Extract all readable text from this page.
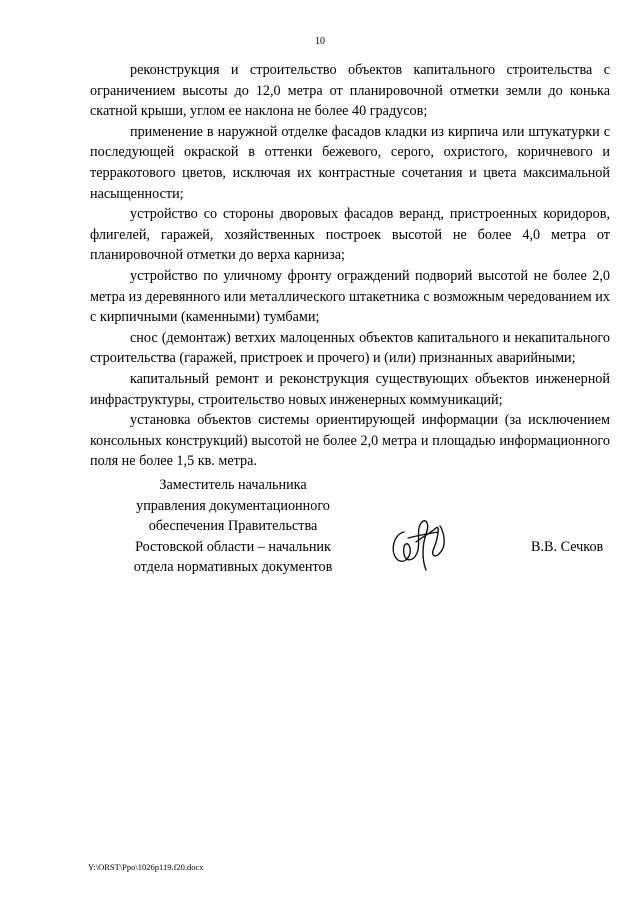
10

реконструкция и строительство объектов капитального строительства с ограничением высоты до 12,0 метра от планировочной отметки земли до конька скатной крыши, углом ее наклона не более 40 градусов;

применение в наружной отделке фасадов кладки из кирпича или штукатурки с последующей окраской в оттенки бежевого, серого, охристого, коричневого и терракотового цветов, исключая их контрастные сочетания и цвета максимальной насыщенности;

устройство со стороны дворовых фасадов веранд, пристроенных коридоров, флигелей, гаражей, хозяйственных построек высотой не более 4,0 метра от планировочной отметки до верха карниза;

устройство по уличному фронту ограждений подворий высотой не более 2,0 метра из деревянного или металлического штакетника с возможным чередованием их с кирпичными (каменными) тумбами;

снос (демонтаж) ветхих малоценных объектов капитального и некапитального строительства (гаражей, пристроек и прочего) и (или) признанных аварийными;

капитальный ремонт и реконструкция существующих объектов инженерной инфраструктуры, строительство новых инженерных коммуникаций;

установка объектов системы ориентирующей информации (за исключением консольных конструкций) высотой не более 2,0 метра и площадью информационного поля не более 1,5 кв. метра.

Заместитель начальника
управления документационного
обеспечения Правительства
Ростовской области – начальник
отдела нормативных документов
В.В. Сечков
Y:\ORST\Ppo\1026p119.f20.docx
